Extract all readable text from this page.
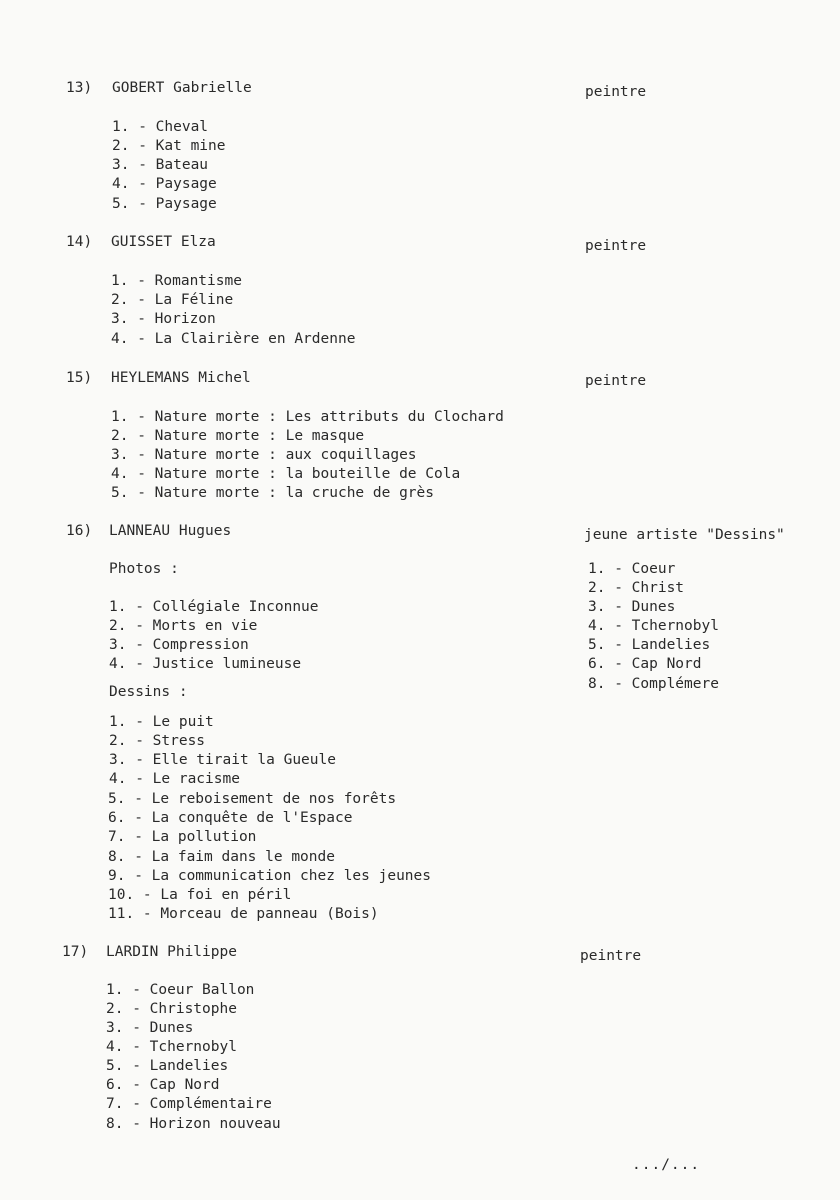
13) GOBERT Gabrielle	peintre
1. - Cheval
2. - Kat mine
3. - Bateau
4. - Paysage
5. - Paysage
14) GUISSET Elza	peintre
1. - Romantisme
2. - La Féline
3. - Horizon
4. - La Clairière en Ardenne
15) HEYLEMANS Michel	peintre
1. - Nature morte : Les attributs du Clochard
2. - Nature morte : Le masque
3. - Nature morte : aux coquillages
4. - Nature morte : la bouteille de Cola
5. - Nature morte : la cruche de grès
16) LANNEAU Hugues	jeune artiste "Dessins"
Photos :
1. - Collégiale Inconnue
2. - Morts en vie
3. - Compression
4. - Justice lumineuse
Dessins :
1. - Le puit
2. - Stress
3. - Elle tirait la Gueule
4. - Le racisme
5. - Le reboisement de nos forêts
6. - La conquête de l'Espace
7. - La pollution
8. - La faim dans le monde
9. - La communication chez les jeunes
10. - La foi en péril
11. - Morceau de panneau (Bois)
1. - Coeur
2. - Christ
3. - Dunes
4. - Tchernobyl
5. - Landelies
6. - Cap Nord
8. - Complémere
17) LARDIN Philippe	peintre
1. - Coeur Ballon
2. - Christophe
3. - Dunes
4. - Tchernobyl
5. - Landelies
6. - Cap Nord
7. - Complémentaire
8. - Horizon nouveau
.../...
